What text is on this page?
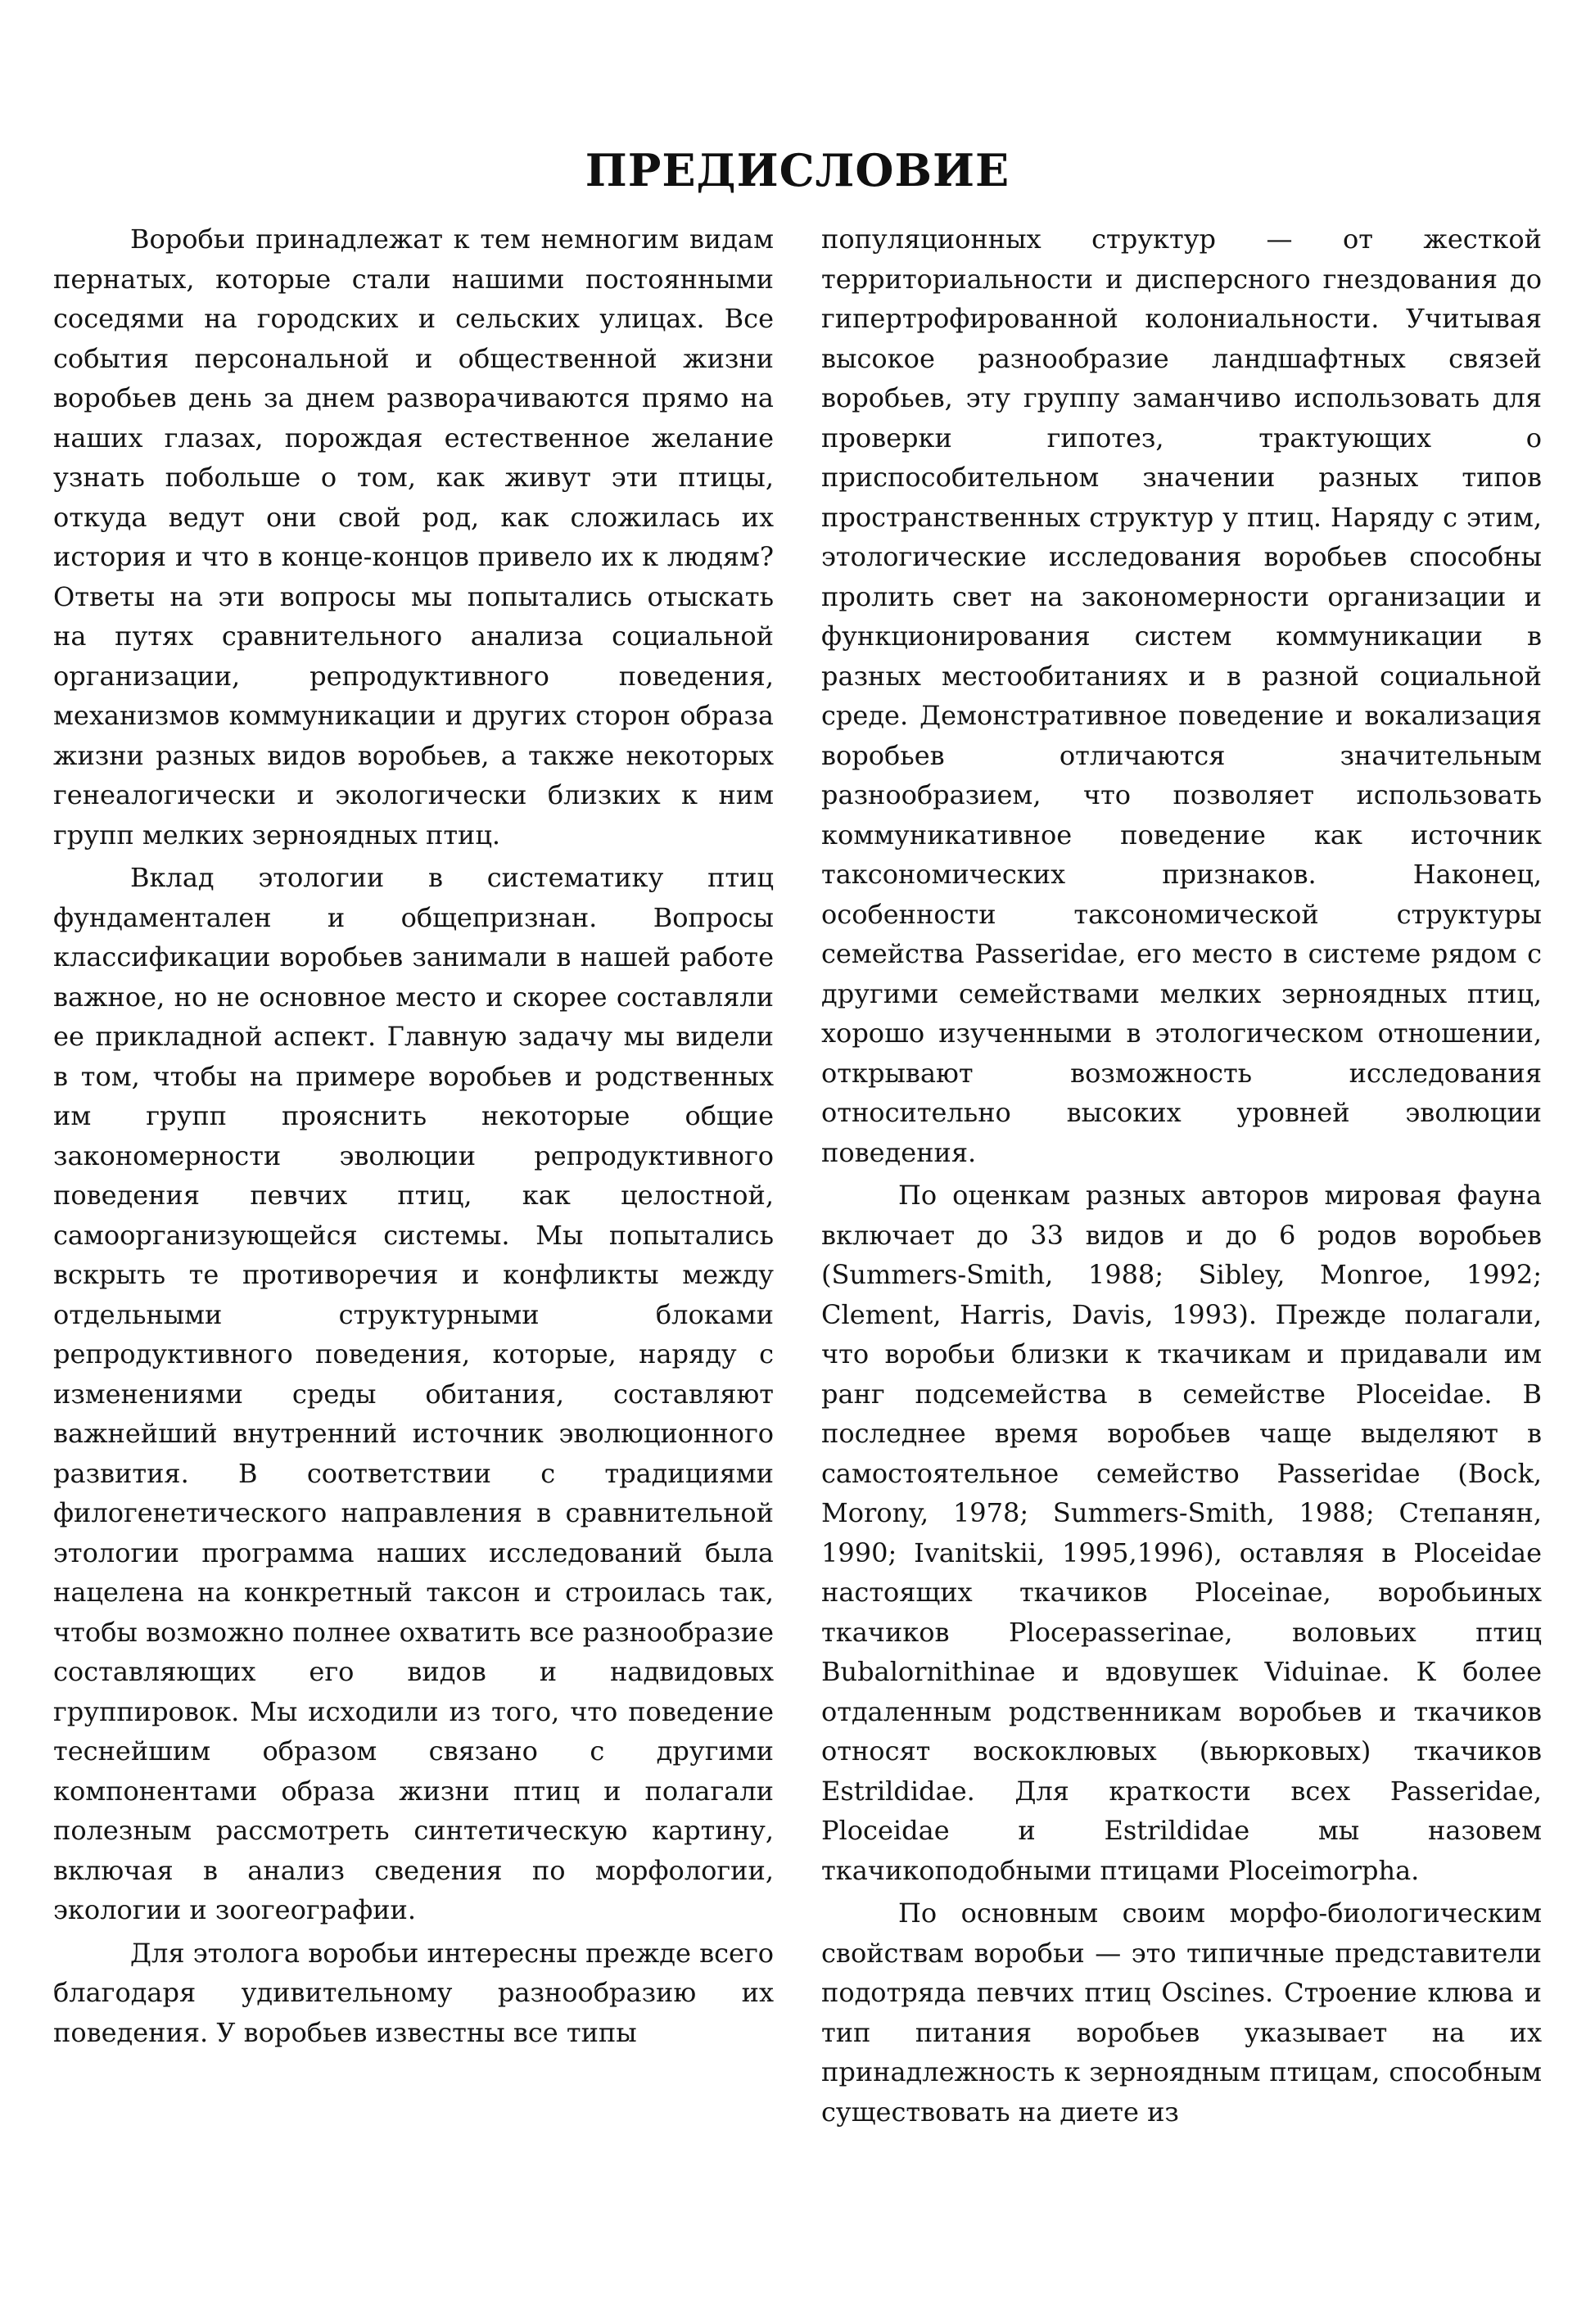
ПРЕДИСЛОВИЕ

Воробьи принадлежат к тем немногим видам пернатых, которые стали нашими постоянными соседями на городских и сельских улицах. Все события персональной и общественной жизни воробьев день за днем разворачиваются прямо на наших глазах, порождая естественное желание узнать побольше о том, как живут эти птицы, откуда ведут они свой род, как сложилась их история и что в конце-концов привело их к людям? Ответы на эти вопросы мы попытались отыскать на путях сравнительного анализа социальной организации, репродуктивного поведения, механизмов коммуникации и других сторон образа жизни разных видов воробьев, а также некоторых генеалогически и экологически близких к ним групп мелких зерноядных птиц.

Вклад этологии в систематику птиц фундаментален и общепризнан. Вопросы классификации воробьев занимали в нашей работе важное, но не основное место и скорее составляли ее прикладной аспект. Главную задачу мы видели в том, чтобы на примере воробьев и родственных им групп прояснить некоторые общие закономерности эволюции репродуктивного поведения певчих птиц, как целостной, самоорганизующейся системы. Мы попытались вскрыть те противоречия и конфликты между отдельными структурными блоками репродуктивного поведения, которые, наряду с изменениями среды обитания, составляют важнейший внутренний источник эволюционного развития. В соответствии с традициями филогенетического направления в сравнительной этологии программа наших исследований была нацелена на конкретный таксон и строилась так, чтобы возможно полнее охватить все разнообразие составляющих его видов и надвидовых группировок. Мы исходили из того, что поведение теснейшим образом связано с другими компонентами образа жизни птиц и полагали полезным рассмотреть синтетическую картину, включая в анализ сведения по морфологии, экологии и зоогеографии.

Для этолога воробьи интересны прежде всего благодаря удивительному разнообразию их поведения. У воробьев известны все типы

популяционных структур — от жесткой территориальности и дисперсного гнездования до гипертрофированной колониальности. Учитывая высокое разнообразие ландшафтных связей воробьев, эту группу заманчиво использовать для проверки гипотез, трактующих о приспособительном значении разных типов пространственных структур у птиц. Наряду с этим, этологические исследования воробьев способны пролить свет на закономерности организации и функционирования систем коммуникации в разных местообитаниях и в разной социальной среде. Демонстративное поведение и вокализация воробьев отличаются значительным разнообразием, что позволяет использовать коммуникативное поведение как источник таксономических признаков. Наконец, особенности таксономической структуры семейства Passeridae, его место в системе рядом с другими семействами мелких зерноядных птиц, хорошо изученными в этологическом отношении, открывают возможность исследования относительно высоких уровней эволюции поведения.

По оценкам разных авторов мировая фауна включает до 33 видов и до 6 родов воробьев (Summers-Smith, 1988; Sibley, Monroe, 1992; Clement, Harris, Davis, 1993). Прежде полагали, что воробьи близки к ткачикам и придавали им ранг подсемейства в семействе Ploceidae. В последнее время воробьев чаще выделяют в самостоятельное семейство Passeridae (Bock, Morony, 1978; Summers-Smith, 1988; Степанян, 1990; Ivanitskii, 1995,1996), оставляя в Ploceidae настоящих ткачиков Ploceinae, воробьиных ткачиков Plocepasserinae, воловьих птиц Bubalornithinae и вдовушек Viduinae. К более отдаленным родственникам воробьев и ткачиков относят воскоклювых (вьюрковых) ткачиков Estrildidae. Для краткости всех Passeridae, Ploceidae и Estrildidae мы назовем ткачикоподобными птицами Ploceimorpha.

По основным своим морфо-биологическим свойствам воробьи — это типичные представители подотряда певчих птиц Oscines. Строение клюва и тип питания воробьев указывает на их принадлежность к зерноядным птицам, способным существовать на диете из
